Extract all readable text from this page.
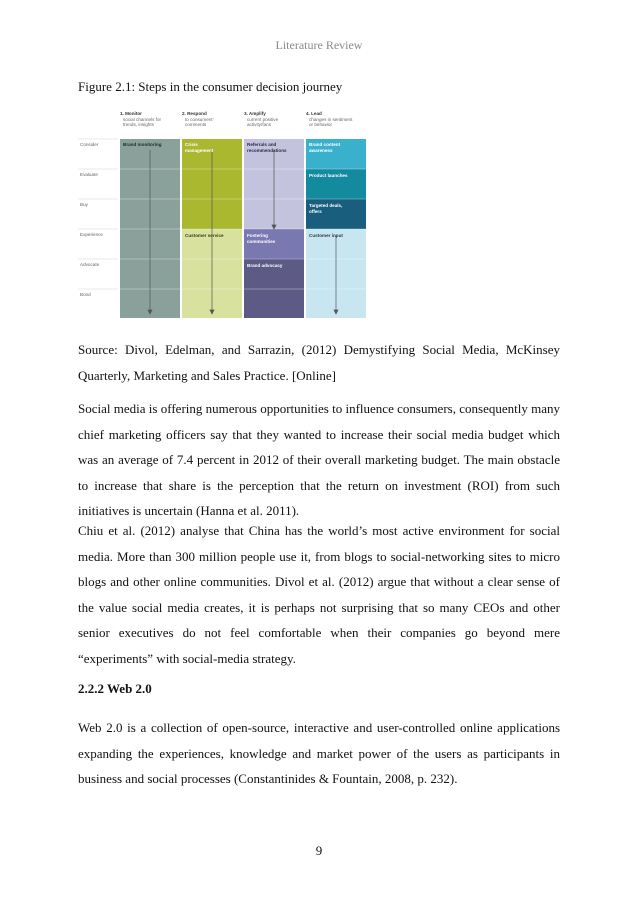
Literature Review
Figure 2.1: Steps in the consumer decision journey
1. Monitor
social channels for
trends, insights
2. Respond
to consumers'
comments
3. Amplify
current positive
activity/fans
4. Lead
changes in sentiment
or behavior
Consider
Evaluate
Buy
Experience
Advocate
Bond
Brand monitoring	Crisis
management
Referrals and
recommendations
Brand content
awareness
Product launches
Targeted deals,
offers
Customer service	Fostering
communities
Customer input
Brand advocacy

Source: Divol, Edelman, and Sarrazin, (2012) Demystifying Social Media, McKinsey Quarterly, Marketing and Sales Practice. [Online]

Social media is offering numerous opportunities to influence consumers, consequently many chief marketing officers say that they wanted to increase their social media budget which was an average of 7.4 percent in 2012 of their overall marketing budget. The main obstacle to increase that share is the perception that the return on investment (ROI) from such initiatives is uncertain (Hanna et al. 2011).

Chiu et al. (2012) analyse that China has the world’s most active environment for social media. More than 300 million people use it, from blogs to social-networking sites to micro blogs and other online communities. Divol et al. (2012) argue that without a clear sense of the value social media creates, it is perhaps not surprising that so many CEOs and other senior executives do not feel comfortable when their companies go beyond mere “experiments” with social-media strategy.

2.2.2 Web 2.0

Web 2.0 is a collection of open-source, interactive and user-controlled online applications expanding the experiences, knowledge and market power of the users as participants in business and social processes (Constantinides & Fountain, 2008, p. 232).

9
